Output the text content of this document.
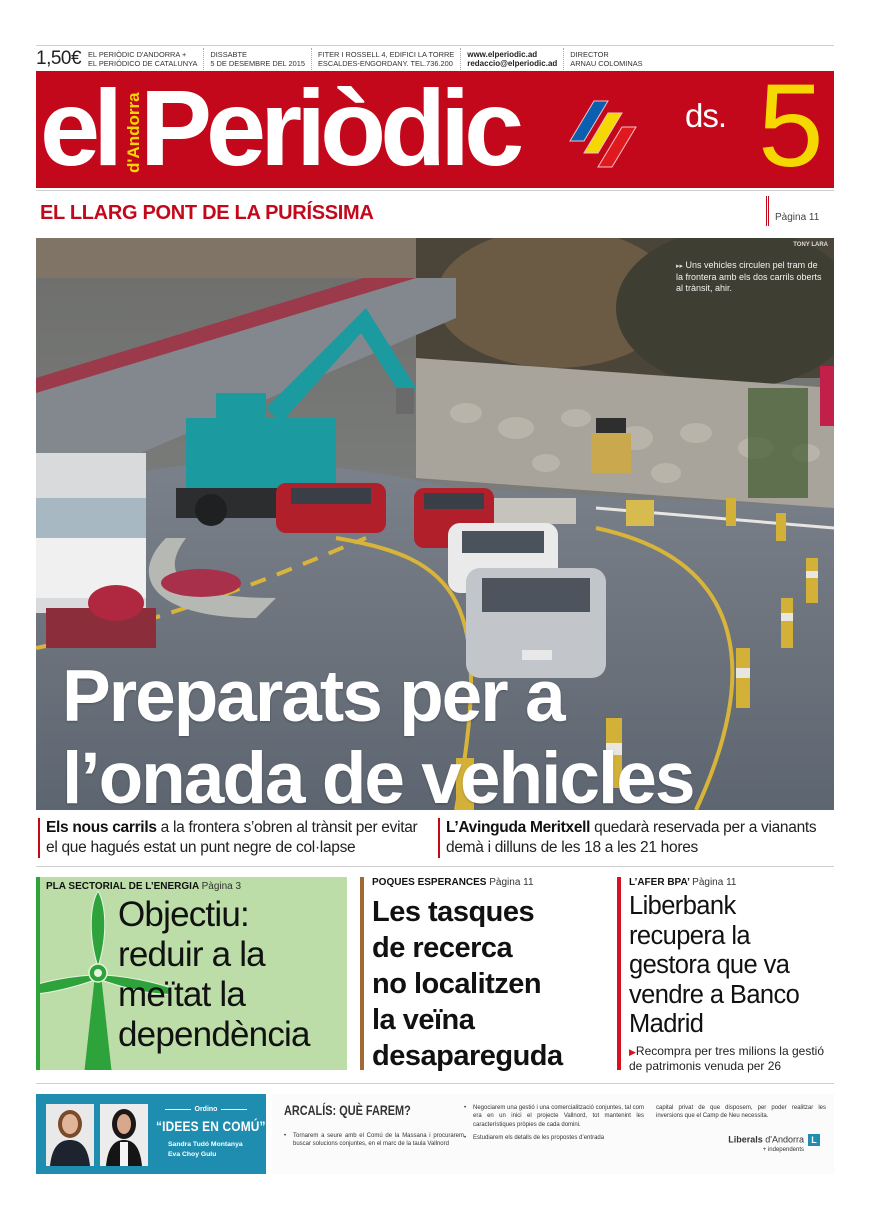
1,50€ EL PERIÒDIC D'ANDORRA +
EL PERIÓDICO DE CATALUNYA
DISSABTE
5 DE DESEMBRE DEL 2015
FITER I ROSSELL 4, EDIFICI LA TORRE
ESCALDES-ENGORDANY. TEL.736.200
www.elperiodic.ad
redaccio@elperiodic.ad
DIRECTOR
ARNAU COLOMINAS
el d'Andorra
Periòdic	ds. 5
EL LLARG PONT DE LA PURÍSSIMA	Pàgina 11
TONY LARA
▸▸ Uns vehicles circulen pel tram de la frontera amb els dos carrils oberts al trànsit, ahir.
Preparats per a
l’onada de vehicles
Els nous carrils a la frontera s’obren al trànsit per evitar el que hagués estat un punt negre de col·lapse
L’Avinguda Meritxell quedarà reservada per a vianants demà i dilluns de les 18 a les 21 hores
PLA SECTORIAL DE L’ENERGIA Pàgina 3
Objectiu:
reduir a la
meïtat la
dependència
POQUES ESPERANCES Pàgina 11
Les tasques
de recerca
no localitzen
la veïna
desapareguda
L’AFER BPA’ Pàgina 11
Liberbank
recupera la
gestora que va
vendre a Banco
Madrid
▶Recompra per tres milions la gestió de patrimonis venuda per 26
Ordino
“IDEES EN COMÚ”
Sandra Tudó Montanya
Eva Choy Gulu
ARCALÍS: QUÈ FAREM?
• Tornarem a seure amb el Comú de la Massana i procurarem buscar solucions conjuntes, en el marc de la taula Vallnord
• Negociarem una gestió i una comercialització conjuntes, tal com era en un inici el projecte Vallnord, tot mantenint les característiques pròpies de cada domini.
• Estudiarem els detalls de les propostes d’entrada
capital privat de que disposem, per poder realitzar les inversions que el Camp de Neu necessita.
Liberals d'Andorra L
+ independents
